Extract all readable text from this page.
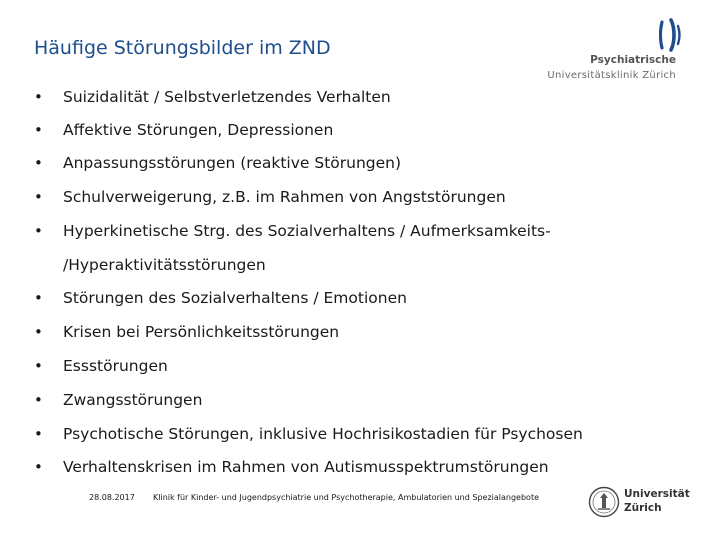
Häufige Störungsbilder im ZND
Psychiatrische
Universitätsklinik Zürich
• Suizidalität / Selbstverletzendes Verhalten
• Affektive Störungen, Depressionen
• Anpassungsstörungen (reaktive Störungen)
• Schulverweigerung, z.B. im Rahmen von Angststörungen
• Hyperkinetische Strg. des Sozialverhaltens / Aufmerksamkeits-
/Hyperaktivitätsstörungen
• Störungen des Sozialverhaltens / Emotionen
• Krisen bei Persönlichkeitsstörungen
• Essstörungen
• Zwangsstörungen
• Psychotische Störungen, inklusive Hochrisikostadien für Psychosen
• Verhaltenskrisen im Rahmen von Autismusspektrumstörungen
28.08.2017 Klinik für Kinder- und Jugendpsychiatrie und Psychotherapie, Ambulatorien und Spezialangebote	Universität
Zürich
